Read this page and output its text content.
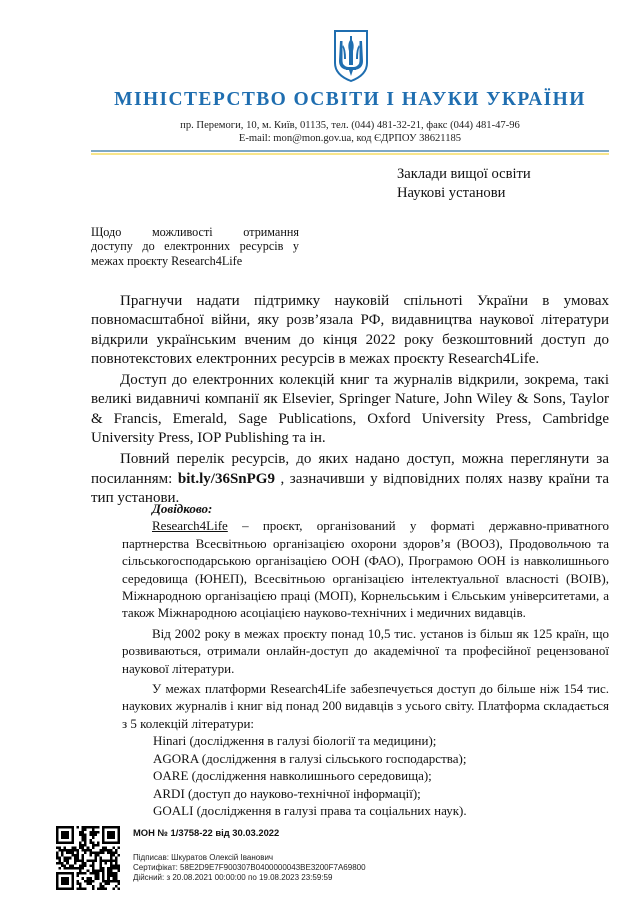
МІНІСТЕРСТВО ОСВІТИ І НАУКИ УКРАЇНИ
пр. Перемоги, 10, м. Київ, 01135, тел. (044) 481-32-21, факс (044) 481-47-96
E-mail: mon@mon.gov.ua, код ЄДРПОУ 38621185
Заклади вищої освіти
Наукові установи
Щодо можливості отримання
доступу до електронних ресурсів у
межах проєкту Research4Life

Прагнучи надати підтримку науковій спільноті України в умовах повномасштабної війни, яку розв’язала РФ, видавництва наукової літератури відкрили українським вченим до кінця 2022 року безкоштовний доступ до повнотекстових електронних ресурсів в межах проєкту Research4Life.

Доступ до електронних колекцій книг та журналів відкрили, зокрема, такі великі видавничі компанії як Elsevier, Springer Nature, John Wiley & Sons, Taylor & Francis, Emerald, Sage Publications, Oxford University Press, Cambridge University Press, IOP Publishing та ін.

Повний перелік ресурсів, до яких надано доступ, можна переглянути за посиланням: bit.ly/36SnPG9 , зазначивши у відповідних полях назву країни та тип установи.

Довідково:

Research4Life – проєкт, організований у форматі державно-приватного партнерства Всесвітньою організацією охорони здоров’я (ВООЗ), Продовольчою та сільськогосподарською організацією ООН (ФАО), Програмою ООН із навколишнього середовища (ЮНЕП), Всесвітньою організацією інтелектуальної власності (ВОІВ), Міжнародною організацією праці (МОП), Корнельським і Єльським університетами, а також Міжнародною асоціацією науково-технічних і медичних видавців.

Від 2002 року в межах проєкту понад 10,5 тис. установ із більш як 125 країн, що розвиваються, отримали онлайн-доступ до академічної та професійної рецензованої наукової літератури.

У межах платформи Research4Life забезпечується доступ до більше ніж 154 тис. наукових журналів і книг від понад 200 видавців з усього світу. Платформа складається з 5 колекцій літератури:

Hinari (дослідження в галузі біології та медицини);
AGORA (дослідження в галузі сільського господарства);
OARE (дослідження навколишнього середовища);
ARDI (доступ до науково-технічної інформації);
GOALI (дослідження в галузі права та соціальних наук).
МОН № 1/3758-22 від 30.03.2022
Підписав: Шкуратов Олексій Іванович
Сертифікат: 58E2D9E7F900307B0400000043BE3200F7A69800
Дійсний: з 20.08.2021 00:00:00 по 19.08.2023 23:59:59
